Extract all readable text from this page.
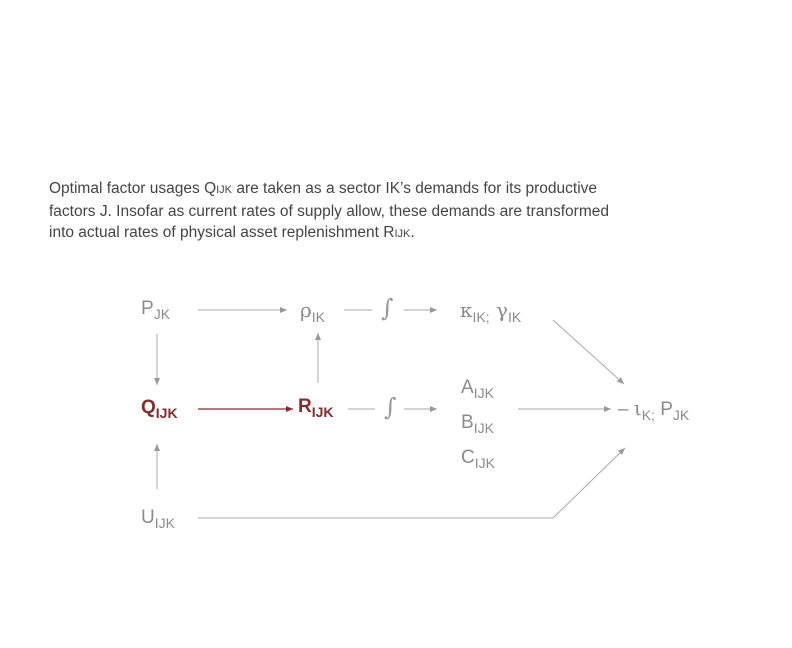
Optimal factor usages QIJK are taken as a sector IK’s demands for its productive
factors J. Insofar as current rates of supply allow, these demands are transformed
into actual rates of physical asset replenishment RIJK.
$P_{JK}$	$\rho_{IK}$ ∫	$\kappa_{IK;}$ $\gamma_{IK}$
$Q_{IJK}$	$R_{IJK}$ ∫
$A_{IJK}$
$B_{IJK}$
$C_{IJK}$
– $\iota_{K;}$ $P_{JK}$
$U_{IJK}$
